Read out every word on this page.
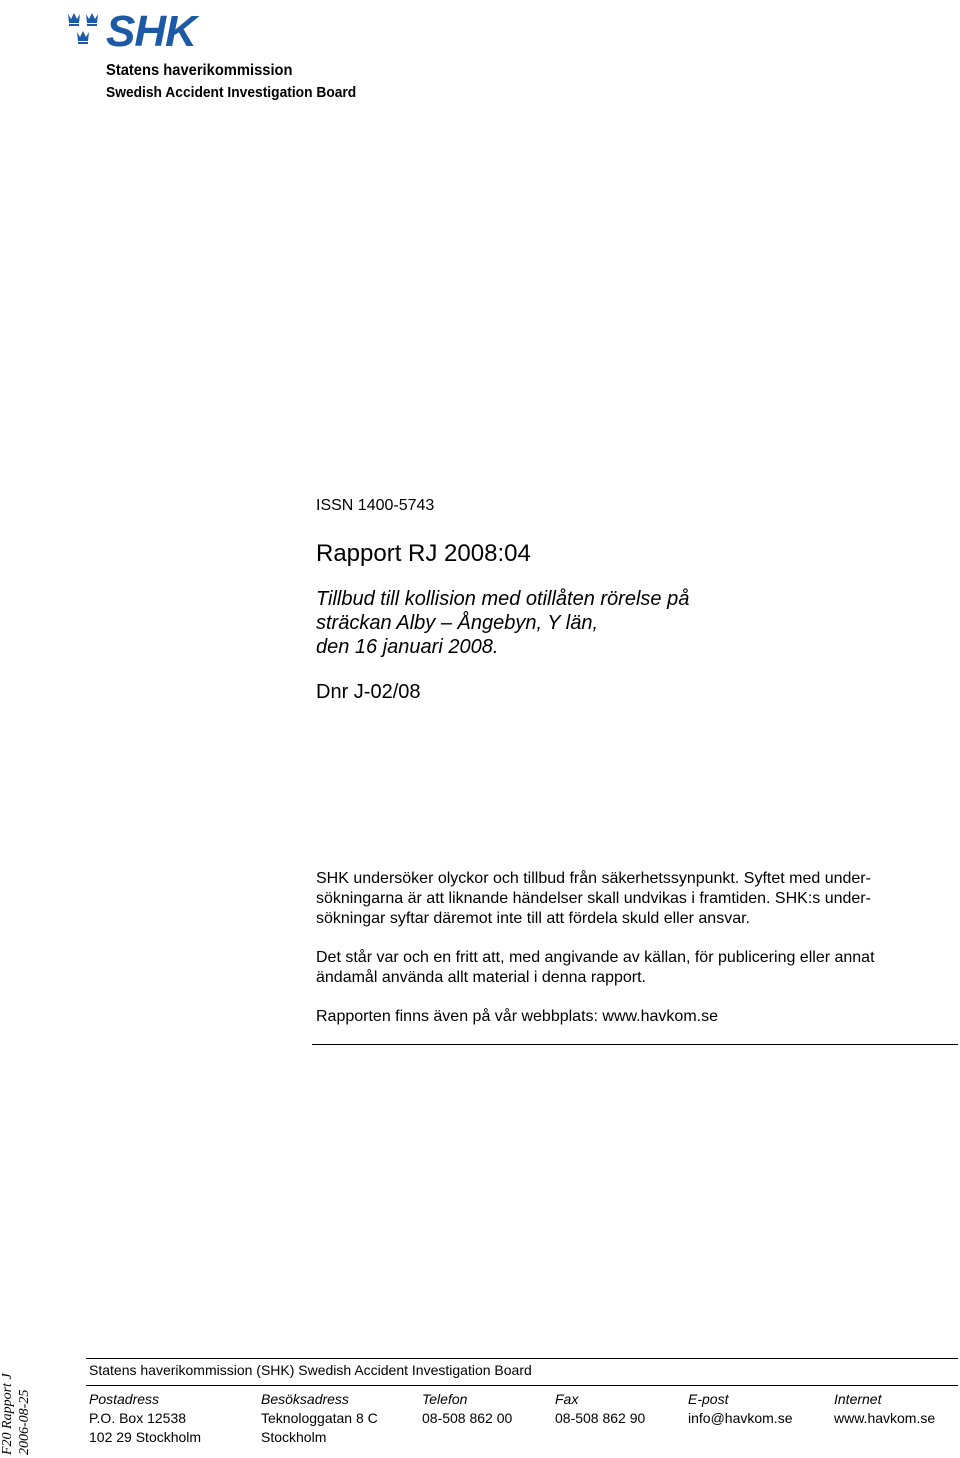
SHK
Statens haverikommission
Swedish Accident Investigation Board
ISSN 1400-5743
Rapport RJ 2008:04
Tillbud till kollision med otillåten rörelse på
sträckan Alby – Ångebyn, Y län,
den 16 januari 2008.
Dnr J-02/08
SHK undersöker olyckor och tillbud från säkerhetssynpunkt. Syftet med under-
sökningarna är att liknande händelser skall undvikas i framtiden. SHK:s under-
sökningar syftar däremot inte till att fördela skuld eller ansvar.
Det står var och en fritt att, med angivande av källan, för publicering eller annat
ändamål använda allt material i denna rapport.
Rapporten finns även på vår webbplats: www.havkom.se
F20 Rapport J 2006-08-25
Statens haverikommission (SHK) Swedish Accident Investigation Board
Postadress
P.O. Box 12538
102 29 Stockholm
Besöksadress
Teknologgatan 8 C
Stockholm
Telefon
08-508 862 00
Fax
08-508 862 90
E-post
info@havkom.se
Internet
www.havkom.se
